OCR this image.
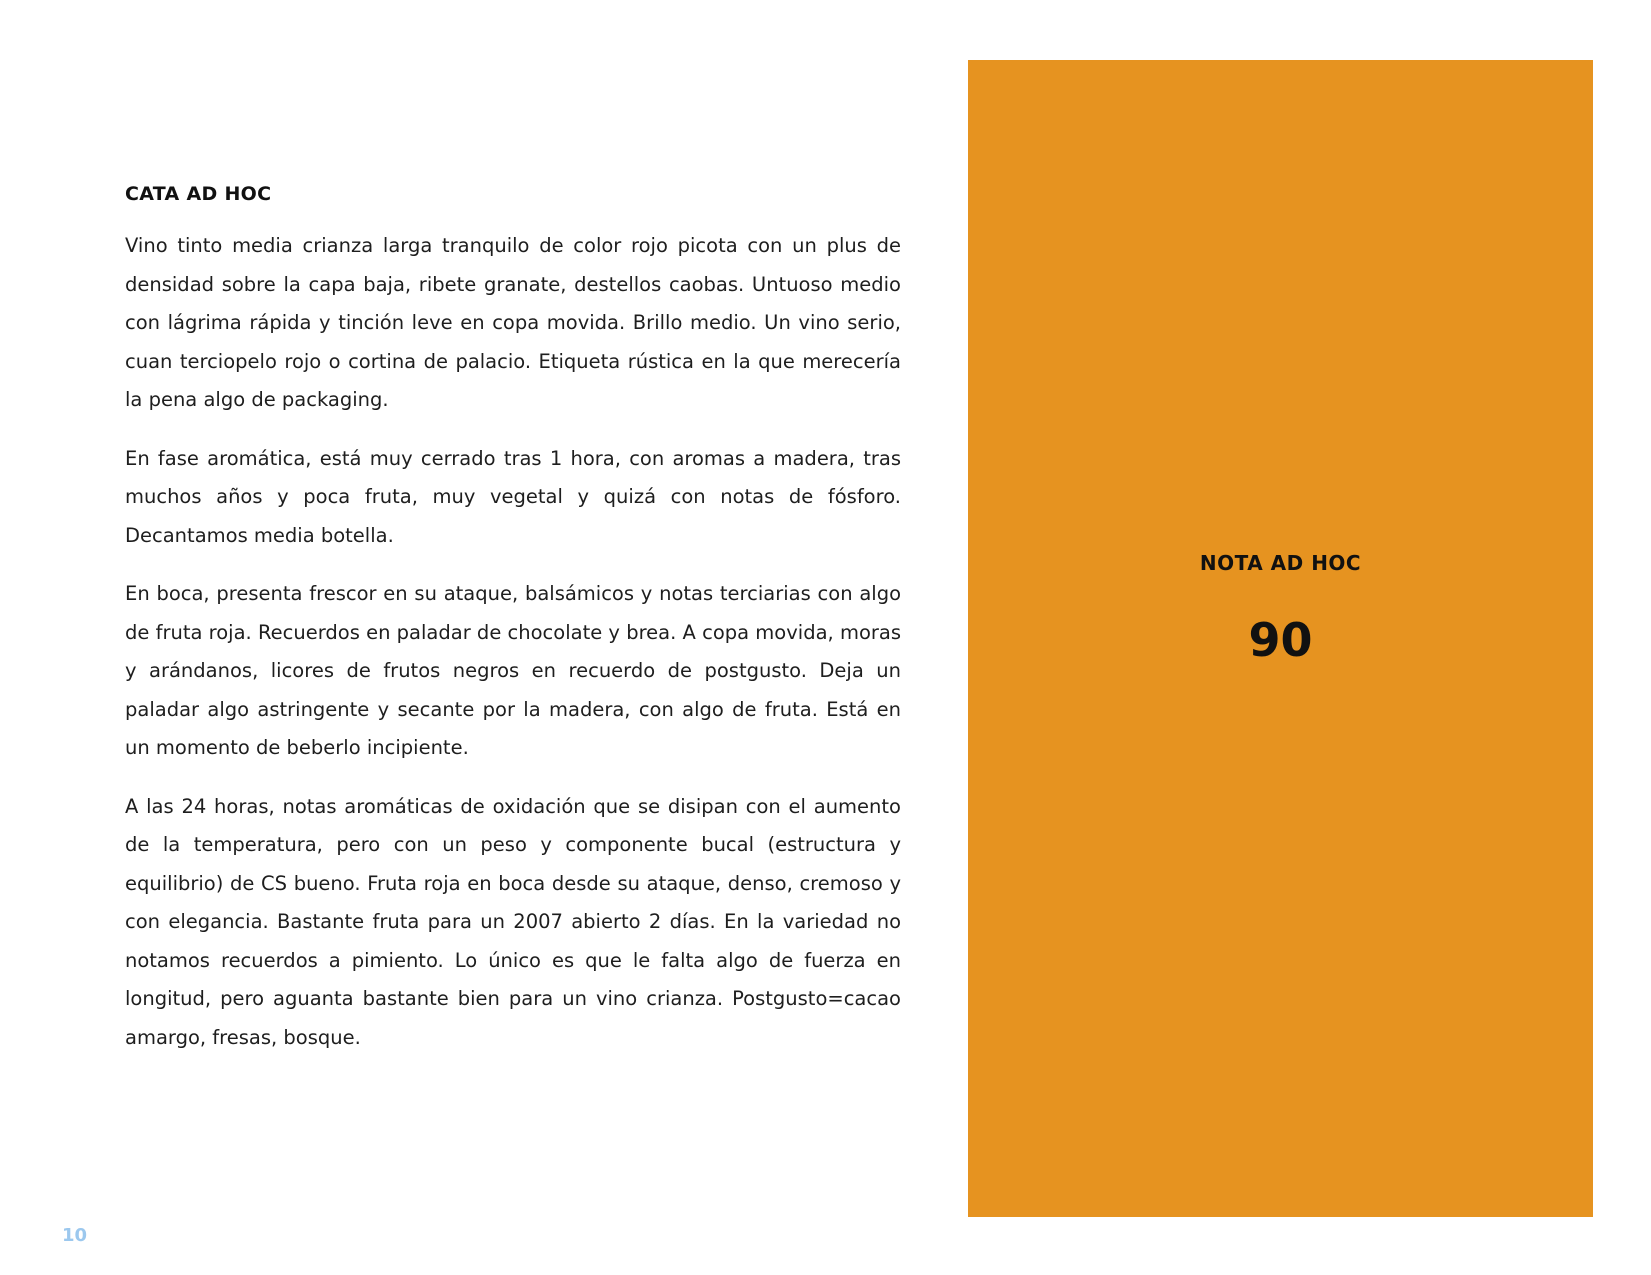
CATA AD HOC

Vino tinto media crianza larga tranquilo de color rojo picota con un plus de densidad sobre la capa baja, ribete granate, destellos caobas. Untuoso medio con lágrima rápida y tinción leve en copa movida. Brillo medio. Un vino serio, cuan terciopelo rojo o cortina de palacio. Etiqueta rústica en la que merecería la pena algo de packaging.

En fase aromática, está muy cerrado tras 1 hora, con aromas a madera, tras muchos años y poca fruta, muy vegetal y quizá con notas de fósforo. Decantamos media botella.

En boca, presenta frescor en su ataque, balsámicos y notas terciarias con algo de fruta roja. Recuerdos en paladar de chocolate y brea. A copa movida, moras y arándanos, licores de frutos negros en recuerdo de postgusto. Deja un paladar algo astringente y secante por la madera, con algo de fruta. Está en un momento de beberlo incipiente.

A las 24 horas, notas aromáticas de oxidación que se disipan con el aumento de la temperatura, pero con un peso y componente bucal (estructura y equilibrio) de CS bueno. Fruta roja en boca desde su ataque, denso, cremoso y con elegancia. Bastante fruta para un 2007 abierto 2 días. En la variedad no notamos recuerdos a pimiento. Lo único es que le falta algo de fuerza en longitud, pero aguanta bastante bien para un vino crianza. Postgusto=cacao amargo, fresas, bosque.

NOTA AD HOC
90
10
